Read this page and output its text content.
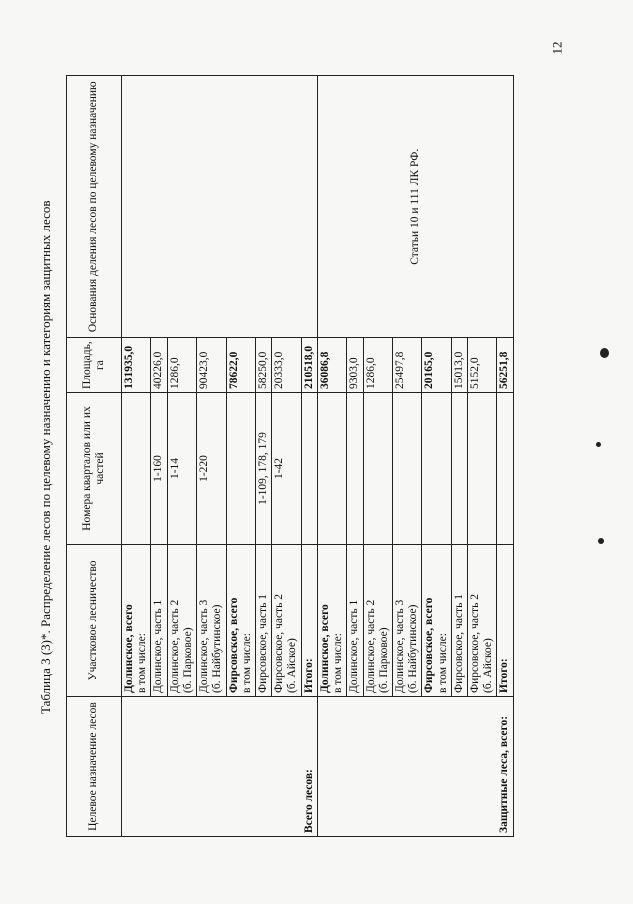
12
Таблица 3 (3)*. Распределение лесов по целевому назначению и категориям защитных лесов
Целевое назначение лесов	Участковое лесничество	Номера кварталов или их частей	Площадь, га	Основания деления лесов по целевому назначению
Всего лесов:	Долинское, всего в том числе:		131935,0	

	Долинское, часть 1	1-160	40226,0	

	Долинское, часть 2 (б. Парковое)	1-14	1286,0	

	Долинское, часть 3 (б. Найбутинское)	1-220	90423,0	

	Фирсовское, всего в том числе:		78622,0	

	Фирсовское, часть 1	1-109, 178, 179	58250,0	

	Фирсовское, часть 2 (б. Айское)	1-42	20333,0	

	Итого:		210518,0	
Защитные леса, всего:	Долинское, всего в том числе:		36086,8	Статьи 10 и 111 ЛК РФ.

	Долинское, часть 1		9303,0	

	Долинское, часть 2 (б. Парковое)		1286,0	

	Долинское, часть 3 (б. Найбутинское)		25497,8	

	Фирсовское, всего в том числе:		20165,0	

	Фирсовское, часть 1		15013,0	

	Фирсовское, часть 2 (б. Айское)		5152,0	

	Итого:		56251,8	
